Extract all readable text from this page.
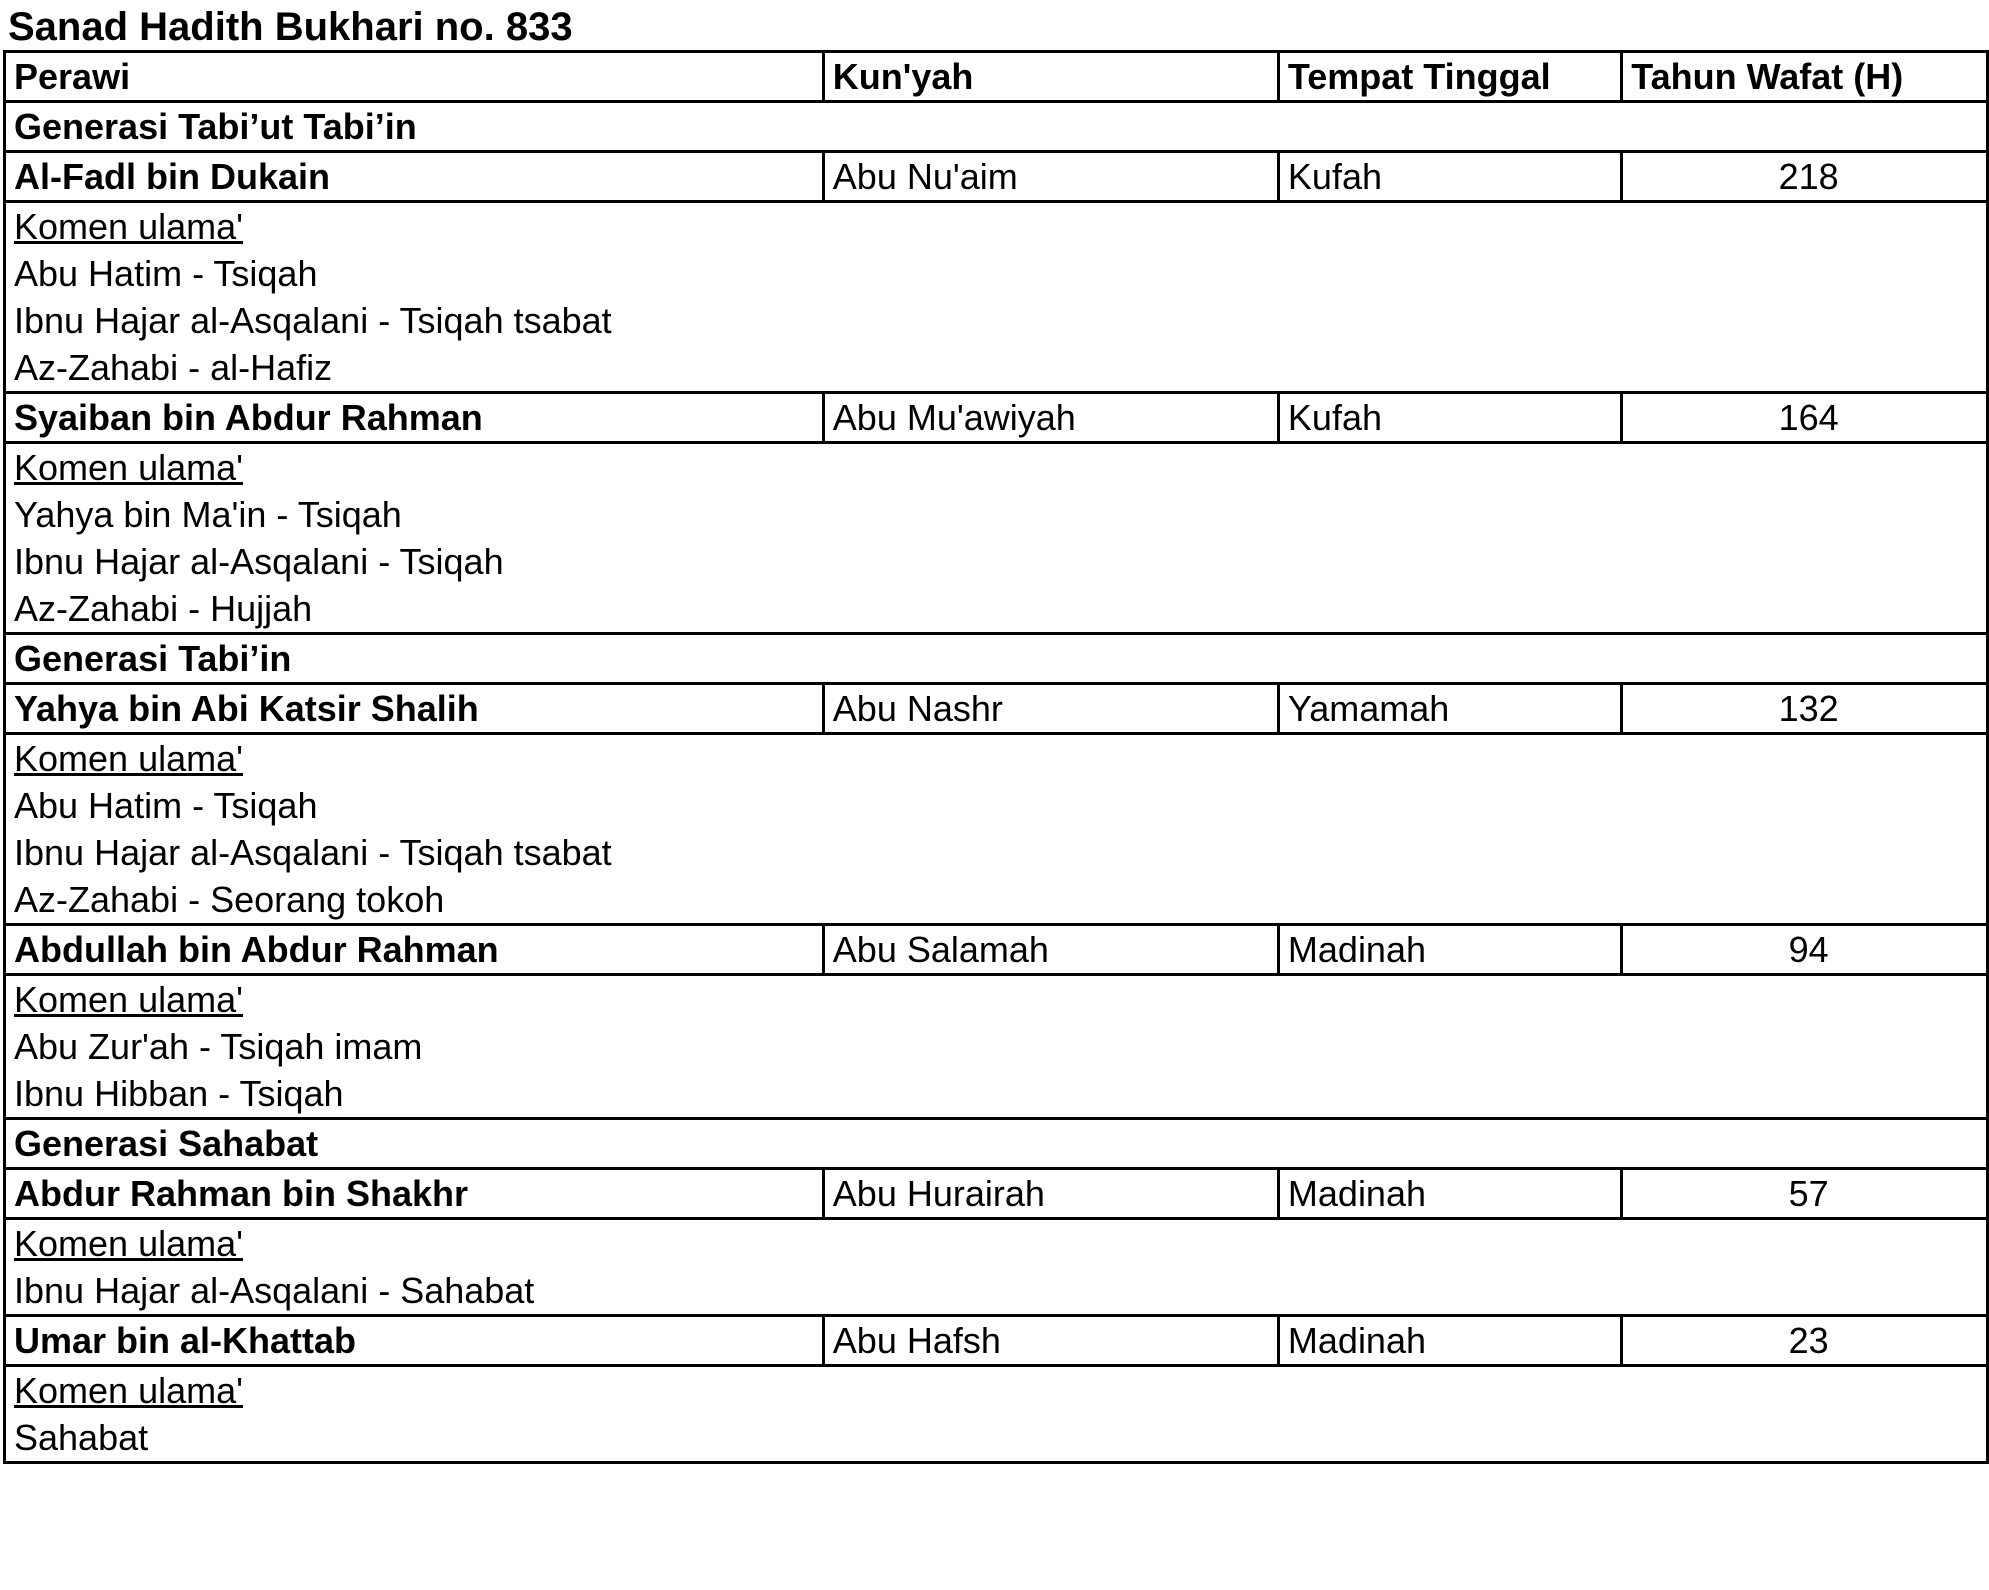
Sanad Hadith Bukhari no. 833
Perawi	Kun'yah	Tempat Tinggal	Tahun Wafat (H)
Generasi Tabi’ut Tabi’in			
Al-Fadl bin Dukain	Abu Nu'aim	Kufah	218

Komen ulama'
Abu Hatim - Tsiqah
Ibnu Hajar al-Asqalani - Tsiqah tsabat
Az-Zahabi - al-Hafiz			

Syaiban bin Abdur Rahman	Abu Mu'awiyah	Kufah	164

Komen ulama'
Yahya bin Ma'in - Tsiqah
Ibnu Hajar al-Asqalani - Tsiqah
Az-Zahabi - Hujjah			

Generasi Tabi’in			
Yahya bin Abi Katsir Shalih	Abu Nashr	Yamamah	132

Komen ulama'
Abu Hatim - Tsiqah
Ibnu Hajar al-Asqalani - Tsiqah tsabat
Az-Zahabi - Seorang tokoh			

Abdullah bin Abdur Rahman	Abu Salamah	Madinah	94

Komen ulama'
Abu Zur'ah - Tsiqah imam
Ibnu Hibban - Tsiqah			

Generasi Sahabat			
Abdur Rahman bin Shakhr	Abu Hurairah	Madinah	57

Komen ulama'
Ibnu Hajar al-Asqalani - Sahabat			

Umar bin al-Khattab	Abu Hafsh	Madinah	23

Komen ulama'
Sahabat			
